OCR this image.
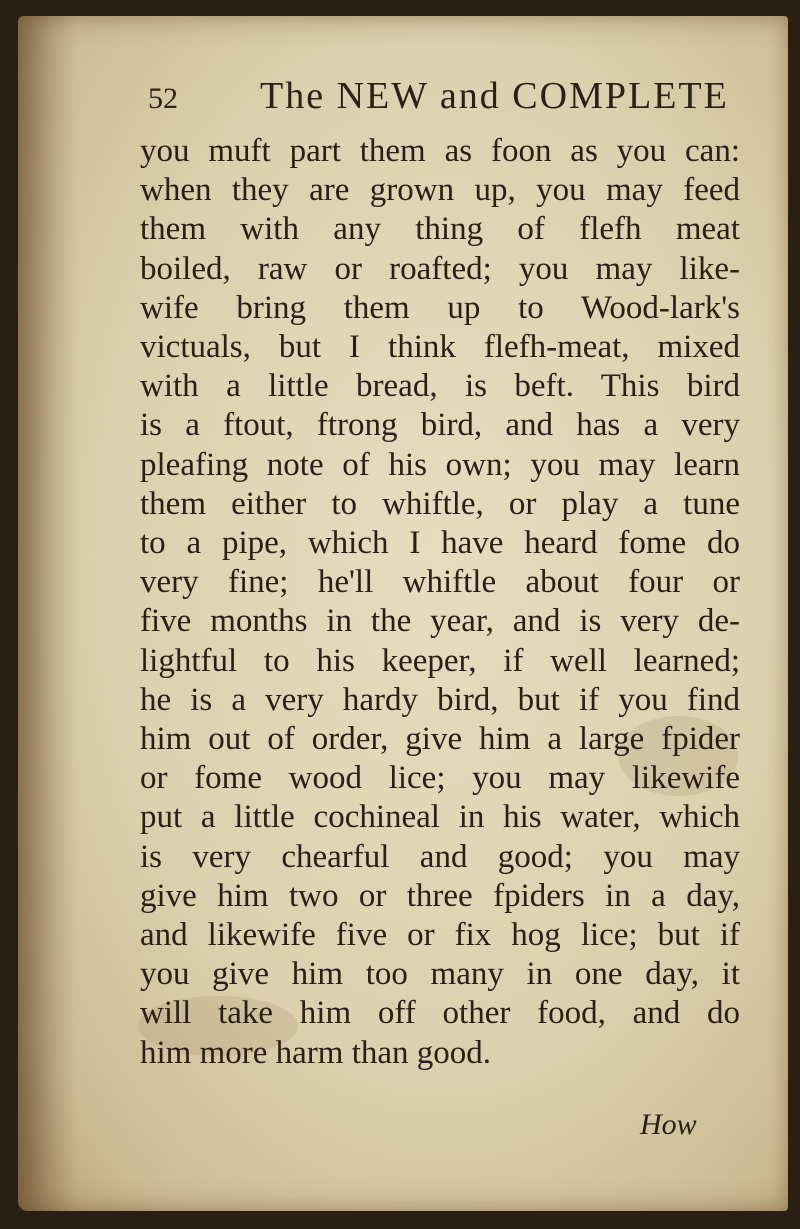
52 The NEW and COMPLETE
you muft part them as foon as you can:
when they are grown up, you may feed
them with any thing of flefh meat
boiled, raw or roafted; you may like-
wife bring them up to Wood-lark's
victuals, but I think flefh-meat, mixed
with a little bread, is beft. This bird
is a ftout, ftrong bird, and has a very
pleafing note of his own; you may learn
them either to whiftle, or play a tune
to a pipe, which I have heard fome do
very fine; he'll whiftle about four or
five months in the year, and is very de-
lightful to his keeper, if well learned;
he is a very hardy bird, but if you find
him out of order, give him a large fpider
or fome wood lice; you may likewife
put a little cochineal in his water, which
is very chearful and good; you may
give him two or three fpiders in a day,
and likewife five or fix hog lice; but if
you give him too many in one day, it
will take him off other food, and do
him more harm than good.
How
